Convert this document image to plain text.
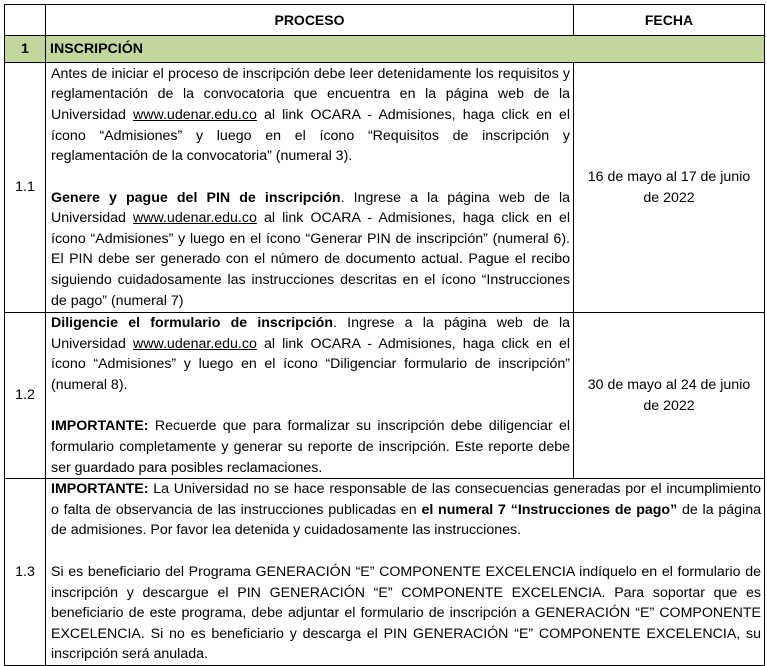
	PROCESO	FECHA
1	INSCRIPCIÓN	
1.1	Antes de iniciar el proceso de inscripción debe leer detenidamente los requisitos y reglamentación de la convocatoria que encuentra en la página web de la Universidad www.udenar.edu.co al link OCARA - Admisiones, haga click en el ícono “Admisiones” y luego en el ícono “Requisitos de inscripción y reglamentación de la convocatoria” (numeral 3).

Genere y pague del PIN de inscripción. Ingrese a la página web de la Universidad www.udenar.edu.co al link OCARA - Admisiones, haga click en el ícono “Admisiones” y luego en el ícono “Generar PIN de inscripción” (numeral 6). El PIN debe ser generado con el número de documento actual. Pague el recibo siguiendo cuidadosamente las instrucciones descritas en el ícono “Instrucciones de pago” (numeral 7)	16 de mayo al 17 de junio de 2022
1.2	Diligencie el formulario de inscripción. Ingrese a la página web de la Universidad www.udenar.edu.co al link OCARA - Admisiones, haga click en el ícono “Admisiones” y luego en el ícono “Diligenciar formulario de inscripción” (numeral 8).

IMPORTANTE: Recuerde que para formalizar su inscripción debe diligenciar el formulario completamente y generar su reporte de inscripción. Este reporte debe ser guardado para posibles reclamaciones.	30 de mayo al 24 de junio de 2022
1.3	IMPORTANTE: La Universidad no se hace responsable de las consecuencias generadas por el incumplimiento o falta de observancia de las instrucciones publicadas en el numeral 7 “Instrucciones de pago” de la página de admisiones. Por favor lea detenida y cuidadosamente las instrucciones.

Si es beneficiario del Programa GENERACIÓN “E” COMPONENTE EXCELENCIA indíquelo en el formulario de inscripción y descargue el PIN GENERACIÓN “E” COMPONENTE EXCELENCIA. Para soportar que es beneficiario de este programa, debe adjuntar el formulario de inscripción a GENERACIÓN “E” COMPONENTE EXCELENCIA. Si no es beneficiario y descarga el PIN GENERACIÓN “E” COMPONENTE EXCELENCIA, su inscripción será anulada.	
